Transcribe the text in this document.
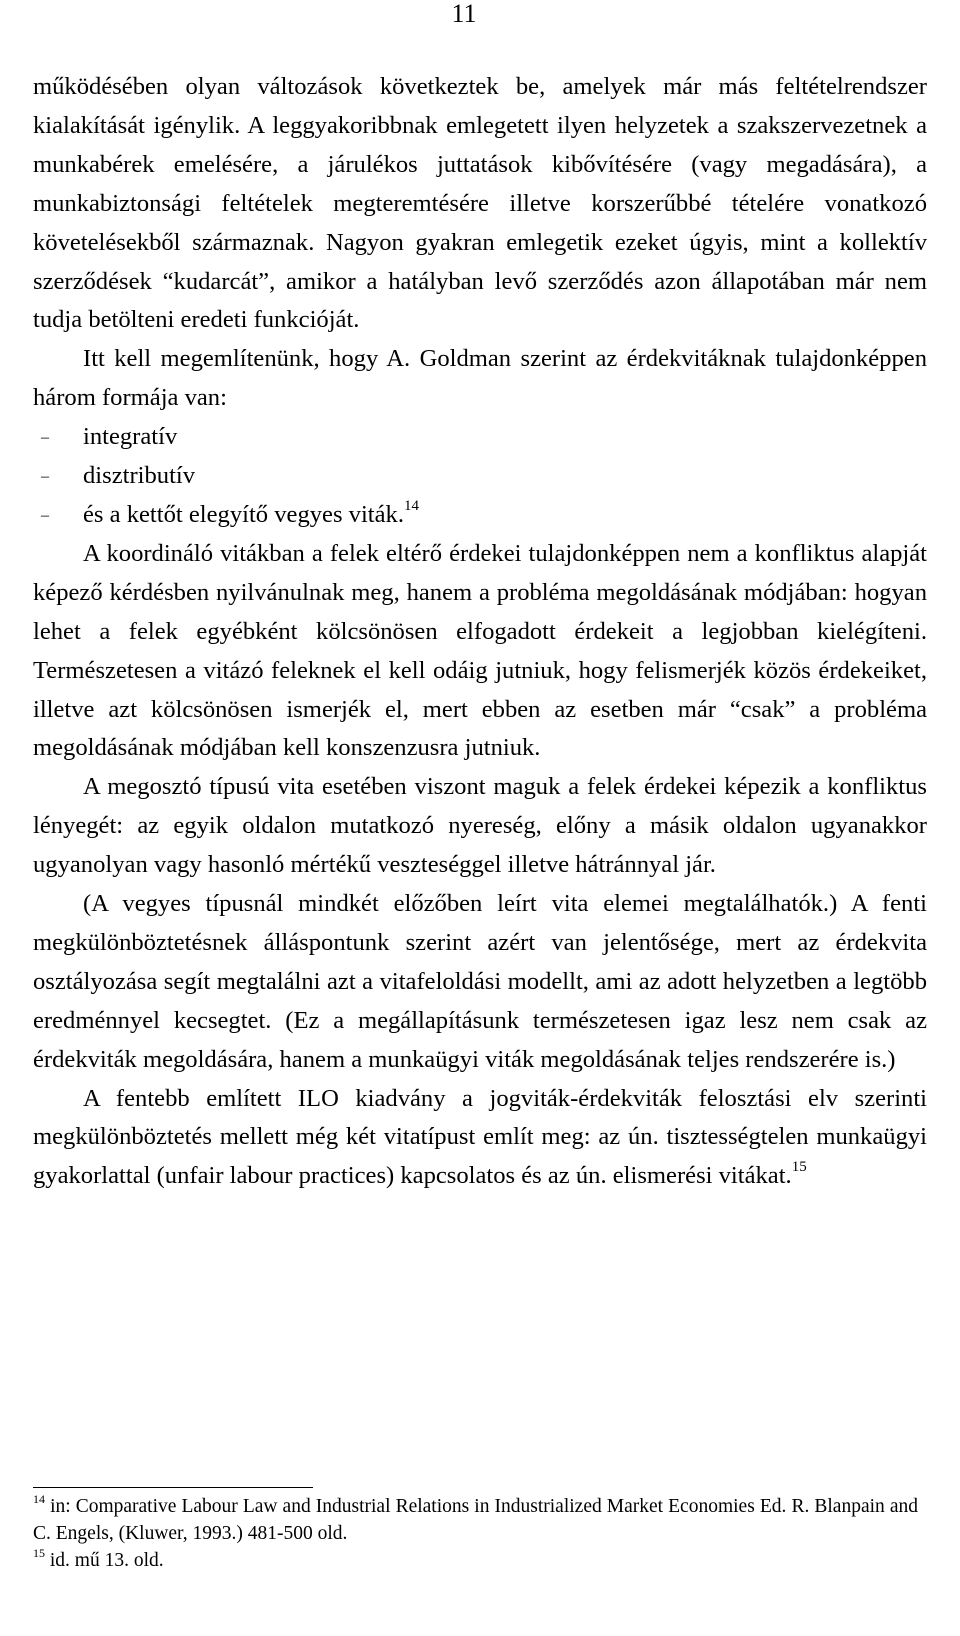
11

működésében olyan változások következtek be, amelyek már más feltételrendszer kialakítását igénylik. A leggyakoribbnak emlegetett ilyen helyzetek a szakszervezetnek a munkabérek emelésére, a járulékos juttatások kibővítésére (vagy megadására), a munkabiztonsági feltételek megteremtésére illetve korszerűbbé tételére vonatkozó követelésekből származnak. Nagyon gyakran emlegetik ezeket úgyis, mint a kollektív szerződések “kudarcát”, amikor a hatályban levő szerződés azon állapotában már nem tudja betölteni eredeti funkcióját.

Itt kell megemlítenünk, hogy A. Goldman szerint az érdekvitáknak tulajdonképpen három formája van:

– integratív
– disztributív
– és a kettőt elegyítő vegyes viták.$^{14}$

A koordináló vitákban a felek eltérő érdekei tulajdonképpen nem a konfliktus alapját képező kérdésben nyilvánulnak meg, hanem a probléma megoldásának módjában: hogyan lehet a felek egyébként kölcsönösen elfogadott érdekeit a legjobban kielégíteni. Természetesen a vitázó feleknek el kell odáig jutniuk, hogy felismerjék közös érdekeiket, illetve azt kölcsönösen ismerjék el, mert ebben az esetben már “csak” a probléma megoldásának módjában kell konszenzusra jutniuk.

A megosztó típusú vita esetében viszont maguk a felek érdekei képezik a konfliktus lényegét: az egyik oldalon mutatkozó nyereség, előny a másik oldalon ugyanakkor ugyanolyan vagy hasonló mértékű veszteséggel illetve hátránnyal jár.

(A vegyes típusnál mindkét előzőben leírt vita elemei megtalálhatók.) A fenti megkülönböztetésnek álláspontunk szerint azért van jelentősége, mert az érdekvita osztályozása segít megtalálni azt a vitafeloldási modellt, ami az adott helyzetben a legtöbb eredménnyel kecsegtet. (Ez a megállapításunk természetesen igaz lesz nem csak az érdekviták megoldására, hanem a munkaügyi viták megoldásának teljes rendszerére is.)

A fentebb említett ILO kiadvány a jogviták-érdekviták felosztási elv szerinti megkülönböztetés mellett még két vitatípust említ meg: az ún. tisztességtelen munkaügyi gyakorlattal (unfair labour practices) kapcsolatos és az ún. elismerési vitákat.$^{15}$

$^{14}$ in: Comparative Labour Law and Industrial Relations in Industrialized Market Economies Ed. R. Blanpain and C. Engels, (Kluwer, 1993.) 481-500 old.

$^{15}$ id. mű 13. old.
